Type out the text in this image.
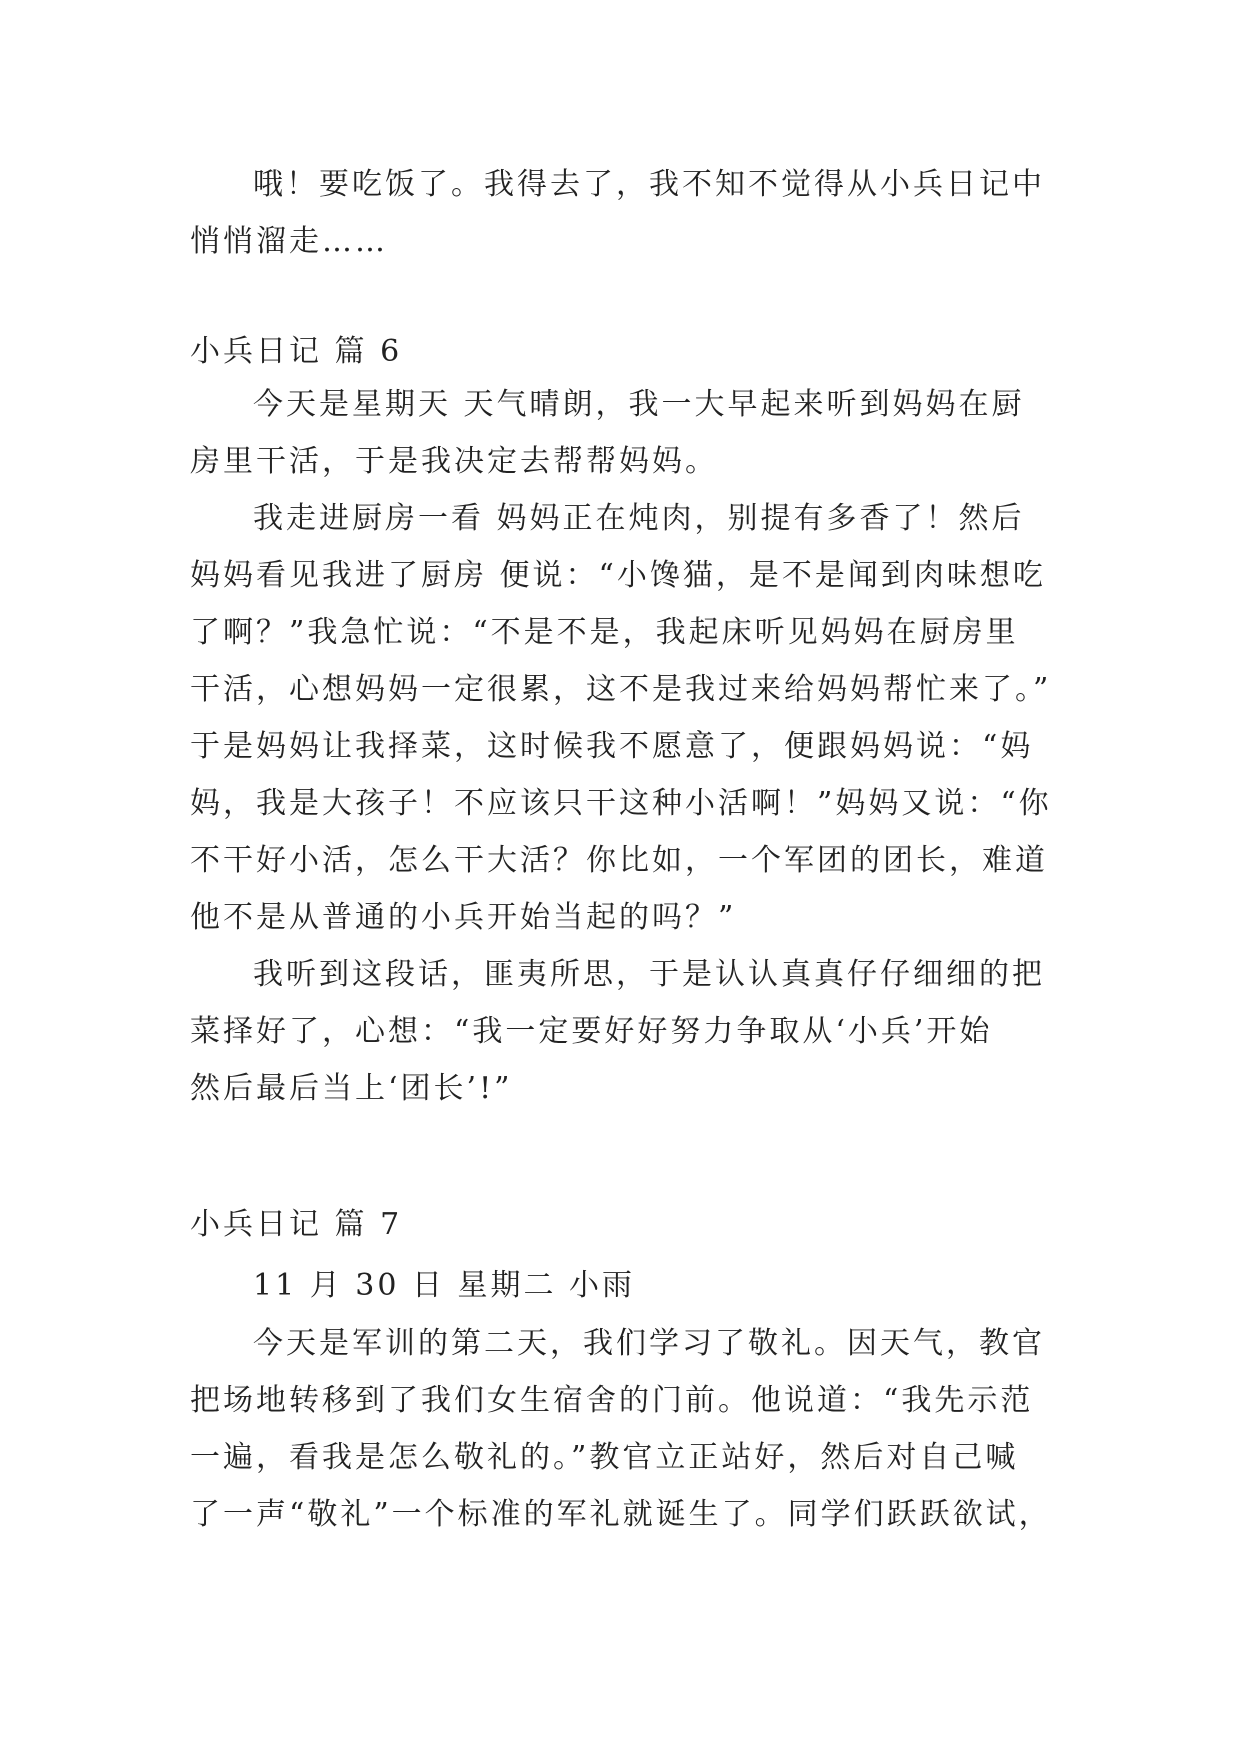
哦！要吃饭了。我得去了，我不知不觉得从小兵日记中
悄悄溜走……
小兵日记 篇 6
今天是星期天 天气晴朗，我一大早起来听到妈妈在厨
房里干活，于是我决定去帮帮妈妈。
我走进厨房一看 妈妈正在炖肉，别提有多香了！然后
妈妈看见我进了厨房 便说：“小馋猫，是不是闻到肉味想吃
了啊？”我急忙说：“不是不是，我起床听见妈妈在厨房里
干活，心想妈妈一定很累，这不是我过来给妈妈帮忙来了。”
于是妈妈让我择菜，这时候我不愿意了，便跟妈妈说：“妈
妈，我是大孩子！不应该只干这种小活啊！”妈妈又说：“你
不干好小活，怎么干大活？你比如，一个军团的团长，难道
他不是从普通的小兵开始当起的吗？”
我听到这段话，匪夷所思，于是认认真真仔仔细细的把
菜择好了，心想：“我一定要好好努力争取从‘小兵’开始
然后最后当上‘团长’!”
小兵日记 篇 7
11 月 30 日 星期二 小雨
今天是军训的第二天，我们学习了敬礼。因天气，教官
把场地转移到了我们女生宿舍的门前。他说道：“我先示范
一遍，看我是怎么敬礼的。”教官立正站好，然后对自己喊
了一声“敬礼”一个标准的军礼就诞生了。同学们跃跃欲试，
